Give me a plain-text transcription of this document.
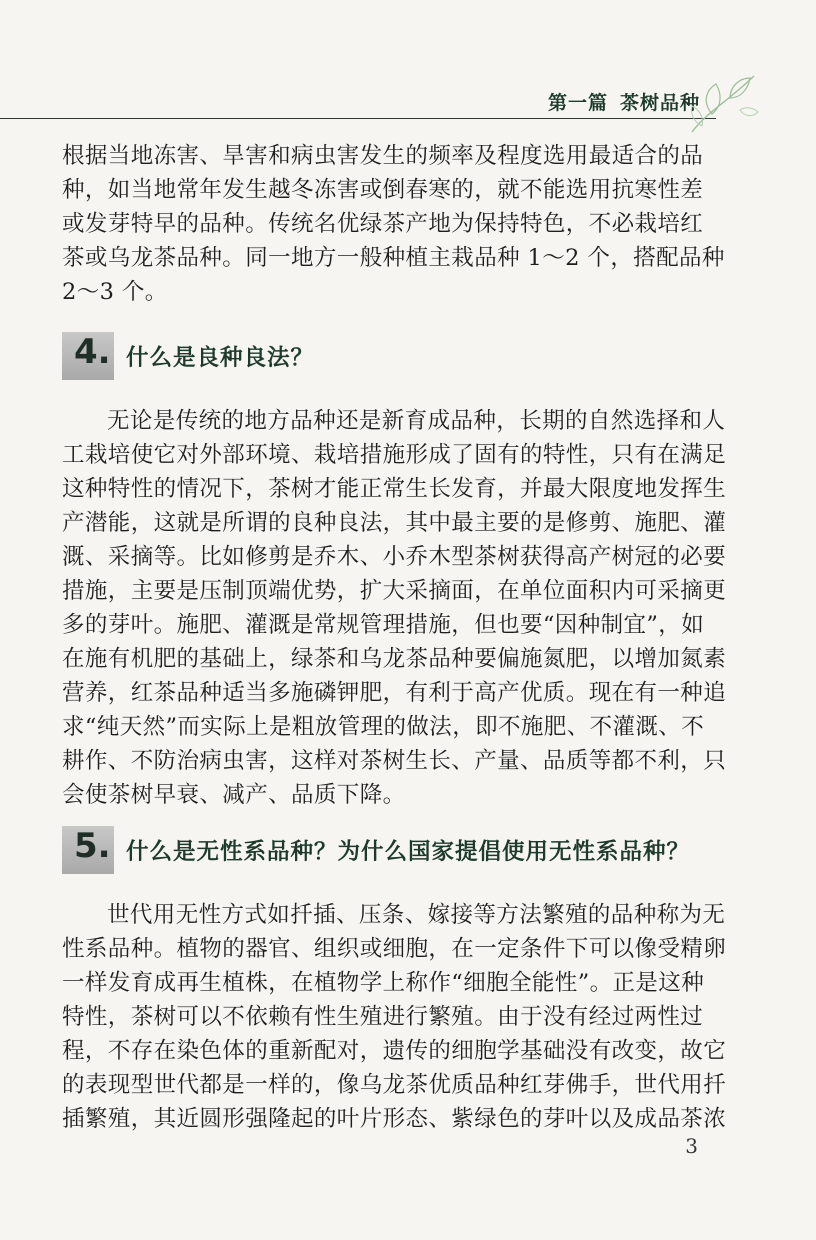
第一篇 茶树品种

根据当地冻害、旱害和病虫害发生的频率及程度选用最适合的品
种，如当地常年发生越冬冻害或倒春寒的，就不能选用抗寒性差
或发芽特早的品种。传统名优绿茶产地为保持特色，不必栽培红
茶或乌龙茶品种。同一地方一般种植主栽品种 1～2 个，搭配品种
2～3 个。

4. 什么是良种良法？

无论是传统的地方品种还是新育成品种，长期的自然选择和人
工栽培使它对外部环境、栽培措施形成了固有的特性，只有在满足
这种特性的情况下，茶树才能正常生长发育，并最大限度地发挥生
产潜能，这就是所谓的良种良法，其中最主要的是修剪、施肥、灌
溉、采摘等。比如修剪是乔木、小乔木型茶树获得高产树冠的必要
措施，主要是压制顶端优势，扩大采摘面，在单位面积内可采摘更
多的芽叶。施肥、灌溉是常规管理措施，但也要“因种制宜”，如
在施有机肥的基础上，绿茶和乌龙茶品种要偏施氮肥，以增加氮素
营养，红茶品种适当多施磷钾肥，有利于高产优质。现在有一种追
求“纯天然”而实际上是粗放管理的做法，即不施肥、不灌溉、不
耕作、不防治病虫害，这样对茶树生长、产量、品质等都不利，只
会使茶树早衰、减产、品质下降。

5. 什么是无性系品种？为什么国家提倡使用无性系品种？

世代用无性方式如扦插、压条、嫁接等方法繁殖的品种称为无
性系品种。植物的器官、组织或细胞，在一定条件下可以像受精卵
一样发育成再生植株，在植物学上称作“细胞全能性”。正是这种
特性，茶树可以不依赖有性生殖进行繁殖。由于没有经过两性过
程，不存在染色体的重新配对，遗传的细胞学基础没有改变，故它
的表现型世代都是一样的，像乌龙茶优质品种红芽佛手，世代用扦
插繁殖，其近圆形强隆起的叶片形态、紫绿色的芽叶以及成品茶浓

3
